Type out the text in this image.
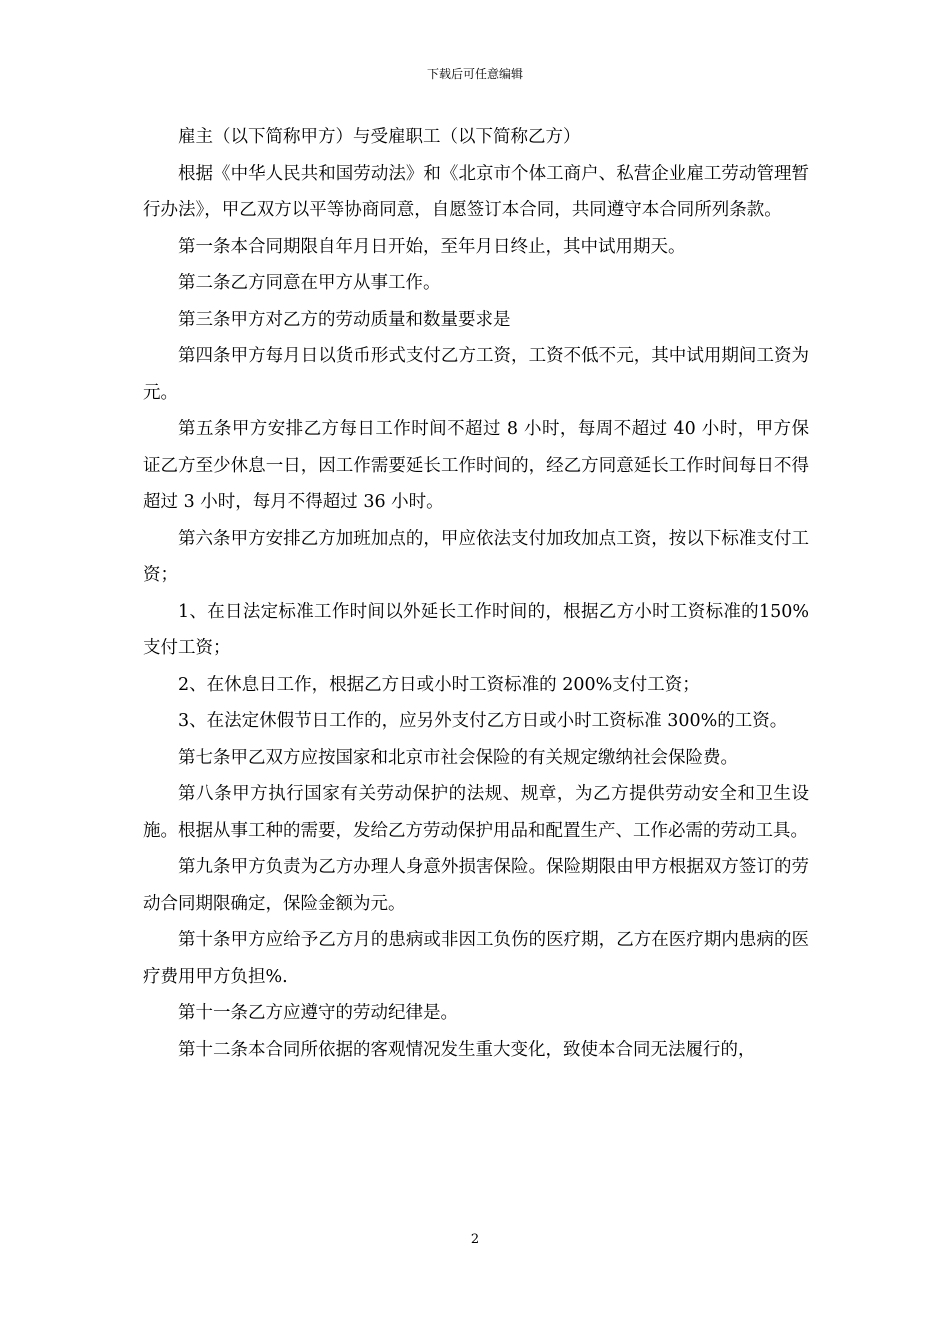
下载后可任意编辑

雇主（以下简称甲方）与受雇职工（以下简称乙方）

根据《中华人民共和国劳动法》和《北京市个体工商户、私营企业雇工劳动管理暂行办法》，甲乙双方以平等协商同意，自愿签订本合同，共同遵守本合同所列条款。

第一条本合同期限自年月日开始，至年月日终止，其中试用期天。

第二条乙方同意在甲方从事工作。

第三条甲方对乙方的劳动质量和数量要求是

第四条甲方每月日以货币形式支付乙方工资，工资不低不元，其中试用期间工资为元。

第五条甲方安排乙方每日工作时间不超过 8 小时，每周不超过 40 小时，甲方保证乙方至少休息一日，因工作需要延长工作时间的，经乙方同意延长工作时间每日不得超过 3 小时，每月不得超过 36 小时。

第六条甲方安排乙方加班加点的，甲应依法支付加玫加点工资，按以下标准支付工资；

1、在日法定标准工作时间以外延长工作时间的，根据乙方小时工资标准的150%支付工资；

2、在休息日工作，根据乙方日或小时工资标准的 200%支付工资；

3、在法定休假节日工作的，应另外支付乙方日或小时工资标准 300%的工资。

第七条甲乙双方应按国家和北京市社会保险的有关规定缴纳社会保险费。

第八条甲方执行国家有关劳动保护的法规、规章，为乙方提供劳动安全和卫生设施。根据从事工种的需要，发给乙方劳动保护用品和配置生产、工作必需的劳动工具。

第九条甲方负责为乙方办理人身意外损害保险。保险期限由甲方根据双方签订的劳动合同期限确定，保险金额为元。

第十条甲方应给予乙方月的患病或非因工负伤的医疗期，乙方在医疗期内患病的医疗费用甲方负担%.

第十一条乙方应遵守的劳动纪律是。

第十二条本合同所依据的客观情况发生重大变化，致使本合同无法履行的，

2
